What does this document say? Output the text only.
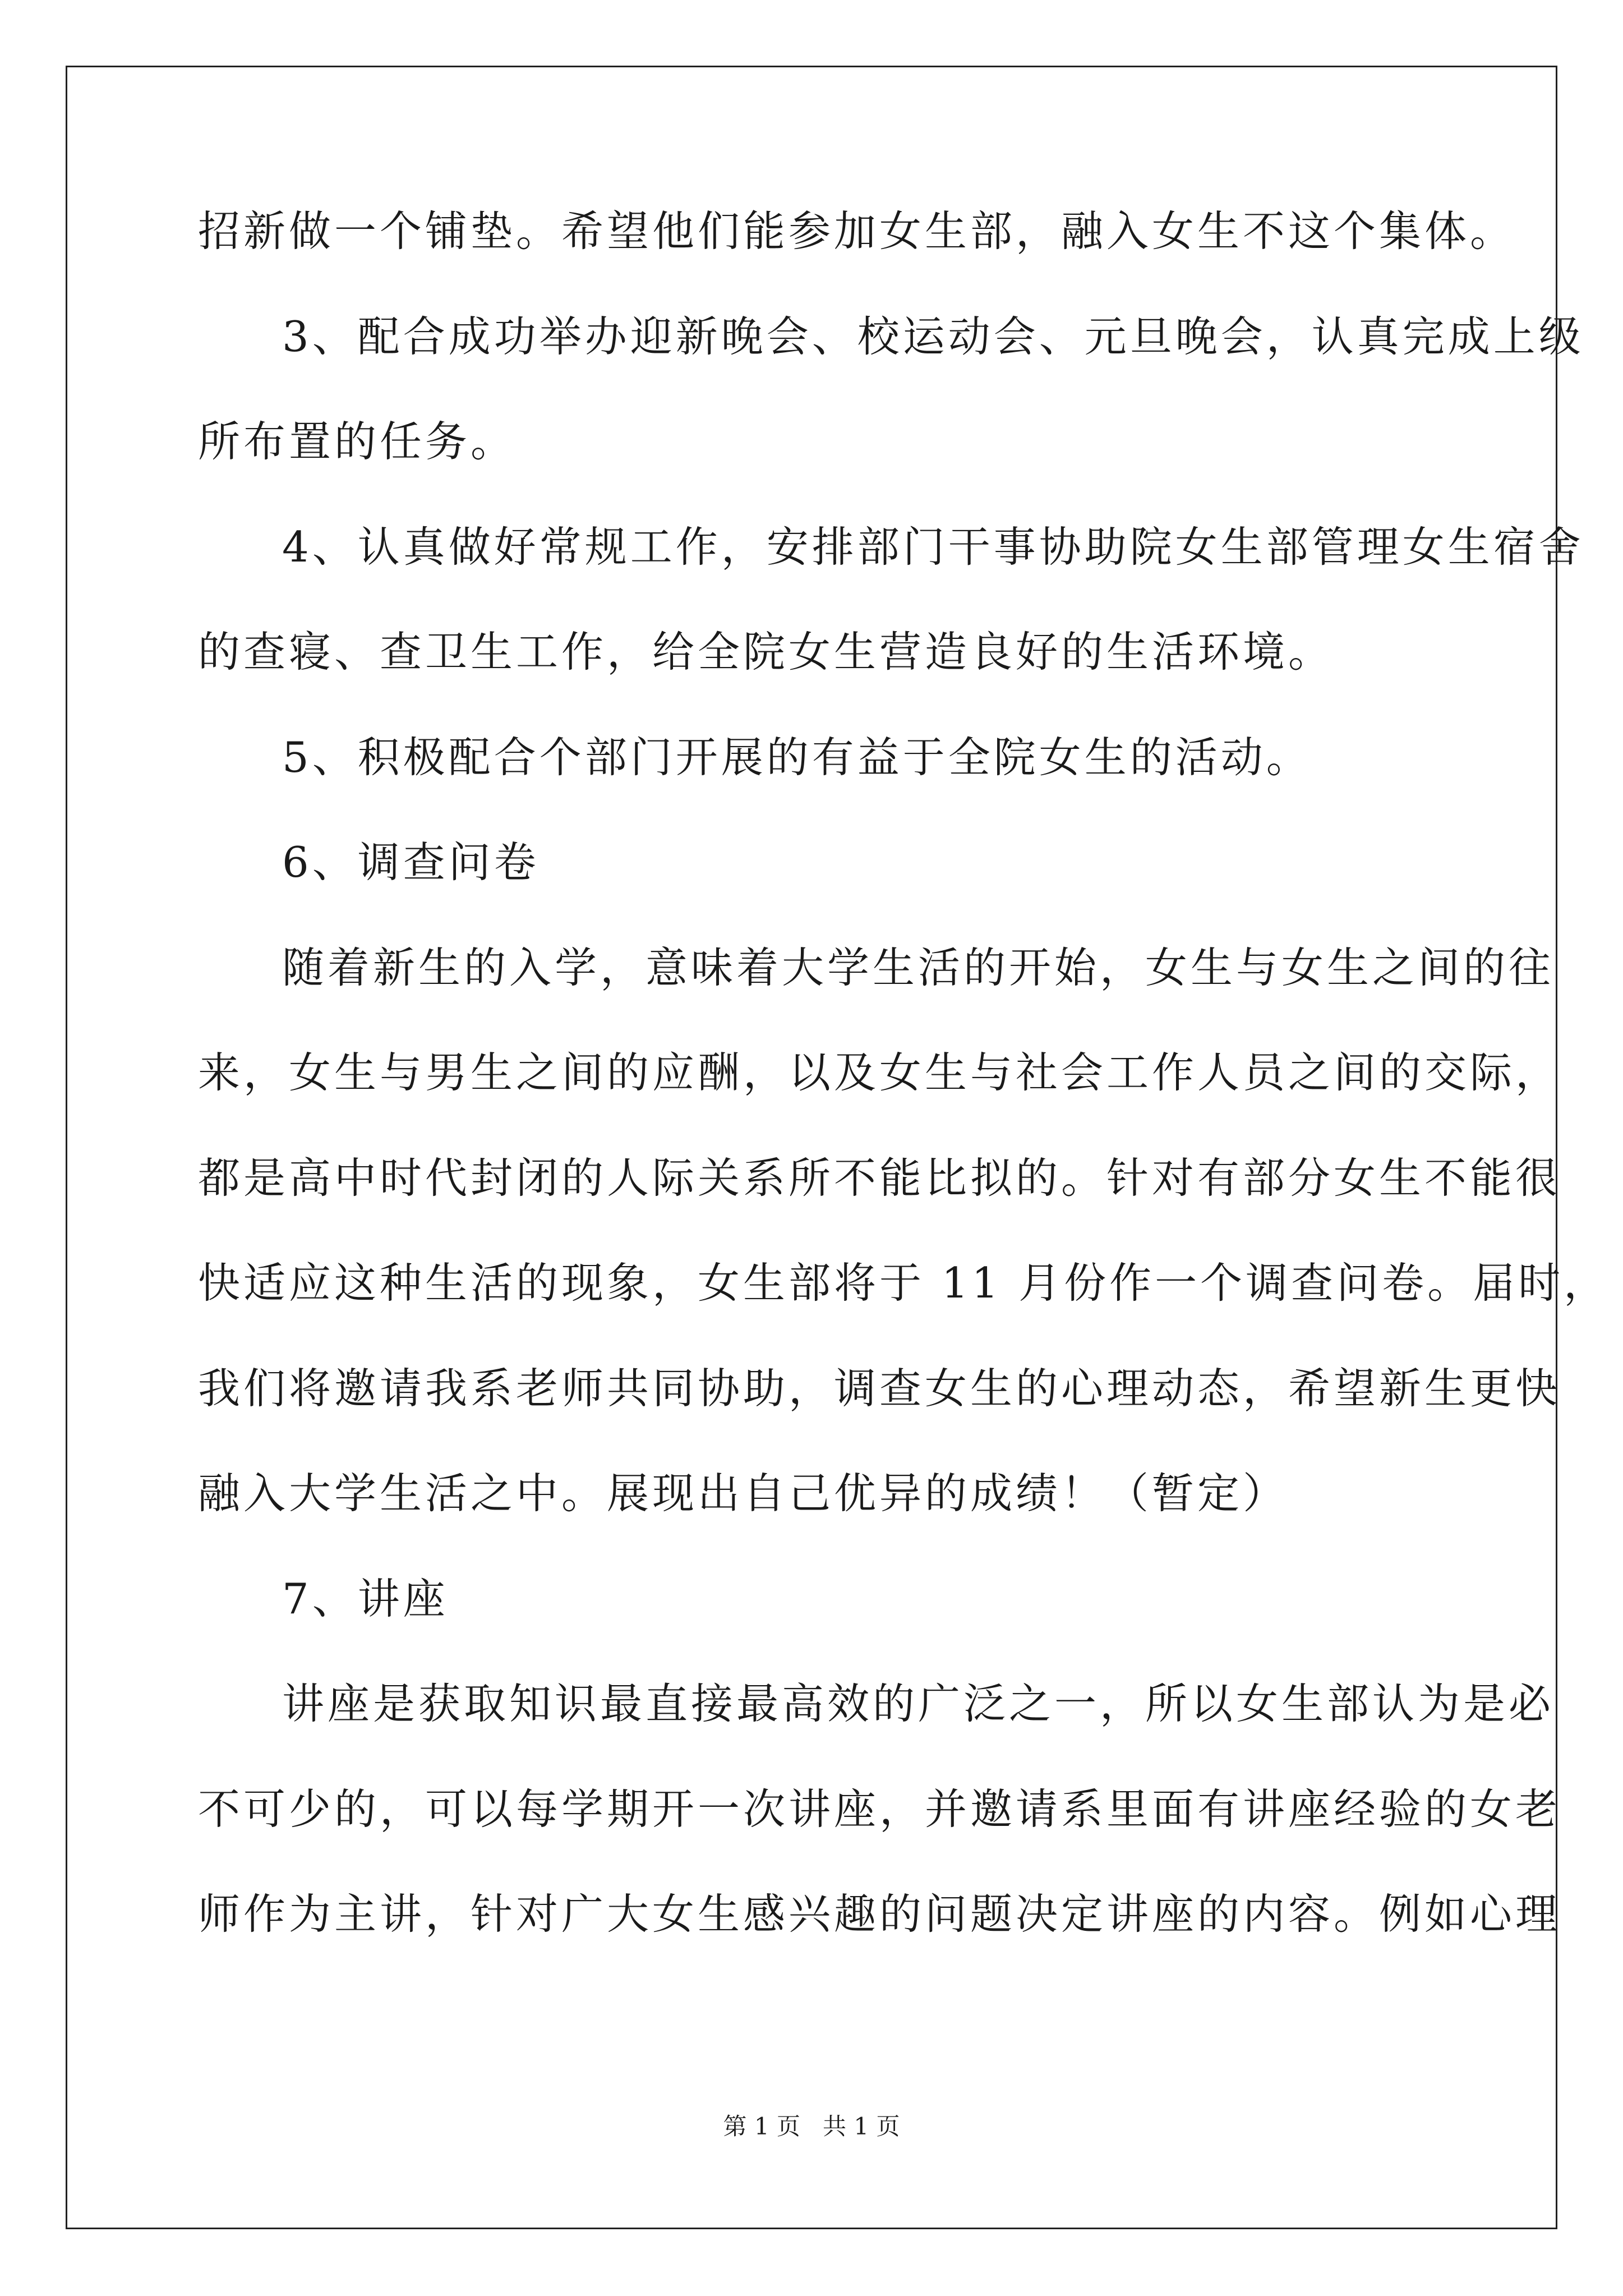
招新做一个铺垫。希望他们能参加女生部，融入女生不这个集体。
3、配合成功举办迎新晚会、校运动会、元旦晚会，认真完成上级
所布置的任务。
4、认真做好常规工作，安排部门干事协助院女生部管理女生宿舍
的查寝、查卫生工作，给全院女生营造良好的生活环境。
5、积极配合个部门开展的有益于全院女生的活动。
6、调查问卷
随着新生的入学，意味着大学生活的开始，女生与女生之间的往
来，女生与男生之间的应酬，以及女生与社会工作人员之间的交际，
都是高中时代封闭的人际关系所不能比拟的。针对有部分女生不能很
快适应这种生活的现象，女生部将于 11 月份作一个调查问卷。届时，
我们将邀请我系老师共同协助，调查女生的心理动态，希望新生更快
融入大学生活之中。展现出自己优异的成绩！（暂定）
7、讲座
讲座是获取知识最直接最高效的广泛之一，所以女生部认为是必
不可少的，可以每学期开一次讲座，并邀请系里面有讲座经验的女老
师作为主讲，针对广大女生感兴趣的问题决定讲座的内容。例如心理
第 1 页   共 1 页
